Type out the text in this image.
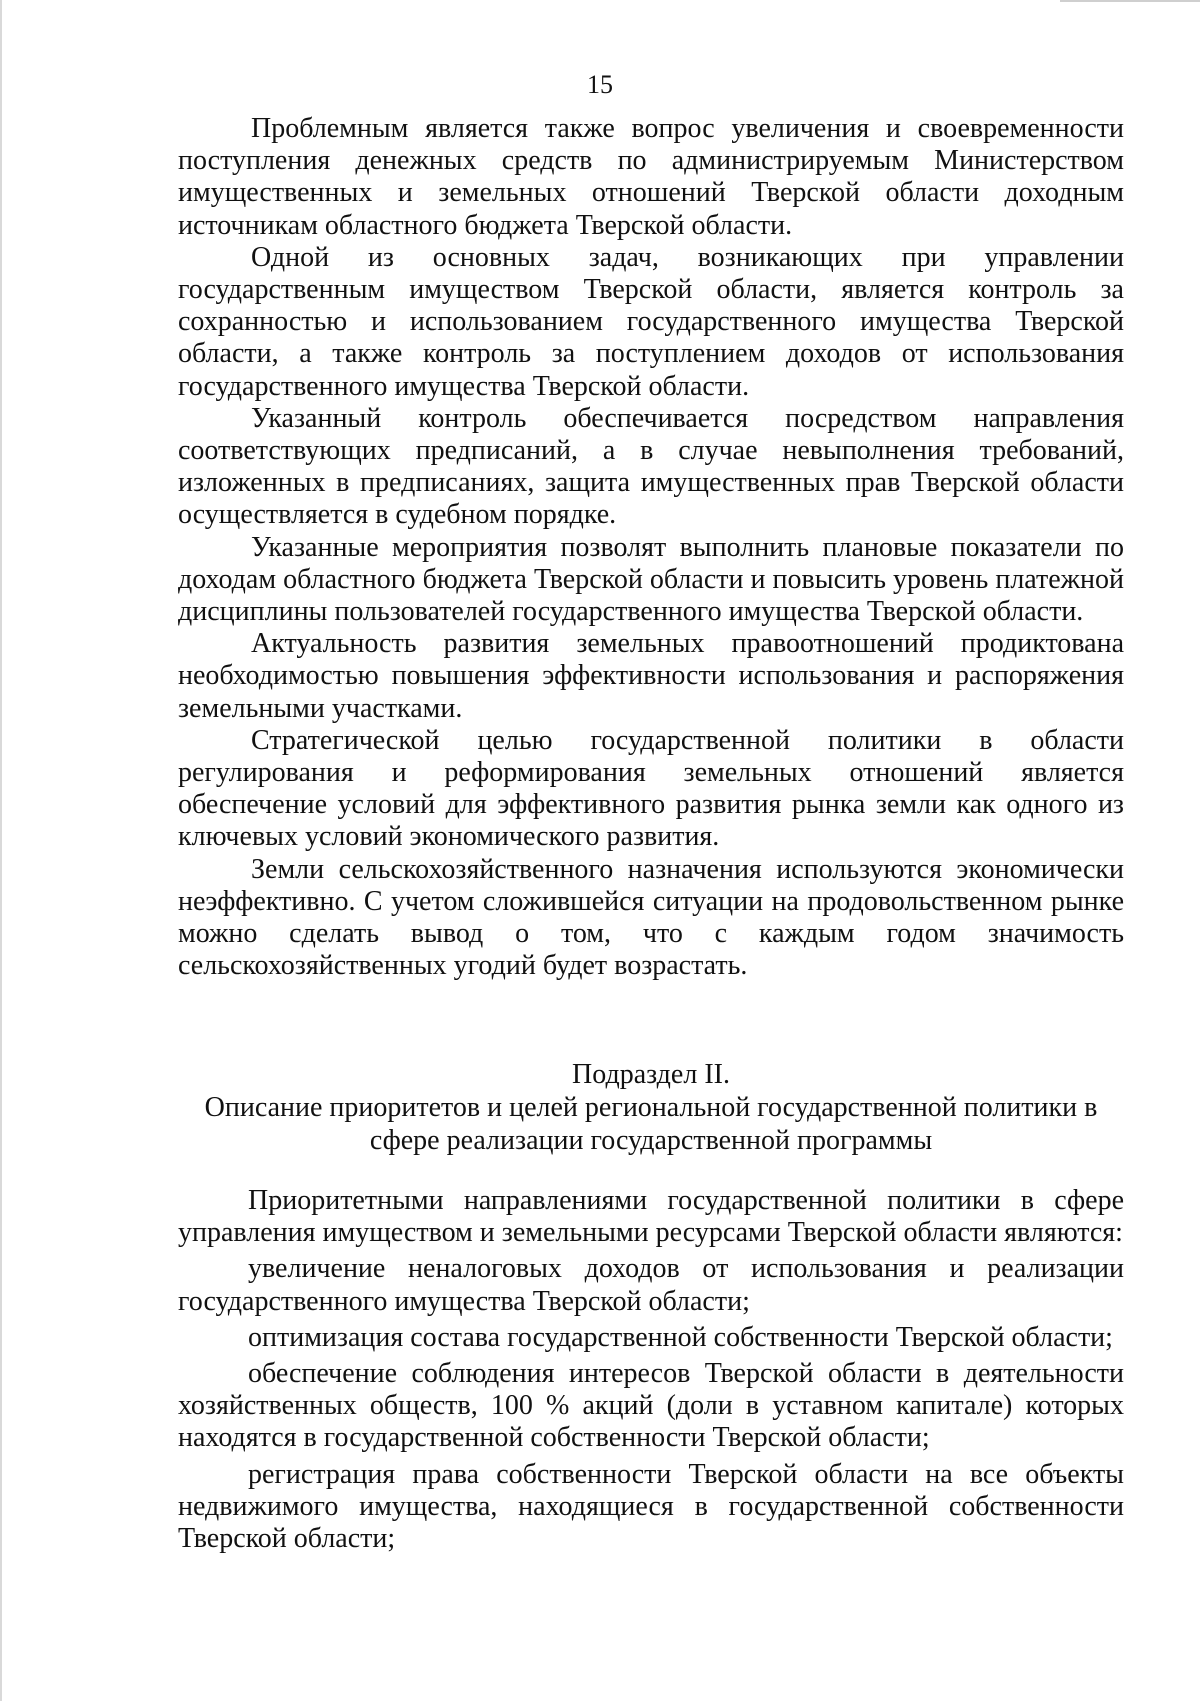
15

Проблемным является также вопрос увеличения и своевременности поступления денежных средств по администрируемым Министерством имущественных и земельных отношений Тверской области доходным источникам областного бюджета Тверской области.

Одной из основных задач, возникающих при управлении государственным имуществом Тверской области, является контроль за сохранностью и использованием государственного имущества Тверской области, а также контроль за поступлением доходов от использования государственного имущества Тверской области.

Указанный контроль обеспечивается посредством направления соответствующих предписаний, а в случае невыполнения требований, изложенных в предписаниях, защита имущественных прав Тверской области осуществляется в судебном порядке.

Указанные мероприятия позволят выполнить плановые показатели по доходам областного бюджета Тверской области и повысить уровень платежной дисциплины пользователей государственного имущества Тверской области.

Актуальность развития земельных правоотношений продиктована необходимостью повышения эффективности использования и распоряжения земельными участками.

Стратегической целью государственной политики в области регулирования и реформирования земельных отношений является обеспечение условий для эффективного развития рынка земли как одного из ключевых условий экономического развития.

Земли сельскохозяйственного назначения используются экономически неэффективно. С учетом сложившейся ситуации на продовольственном рынке можно сделать вывод о том, что с каждым годом значимость сельскохозяйственных угодий будет возрастать.

Подраздел II.
Описание приоритетов и целей региональной государственной политики в
сфере реализации государственной программы

Приоритетными направлениями государственной политики в сфере управления имуществом и земельными ресурсами Тверской области являются:

увеличение неналоговых доходов от использования и реализации государственного имущества Тверской области;

оптимизация состава государственной собственности Тверской области;

обеспечение соблюдения интересов Тверской области в деятельности хозяйственных обществ, 100 % акций (доли в уставном капитале) которых находятся в государственной собственности Тверской области;

регистрация права собственности Тверской области на все объекты недвижимого имущества, находящиеся в государственной собственности Тверской области;
